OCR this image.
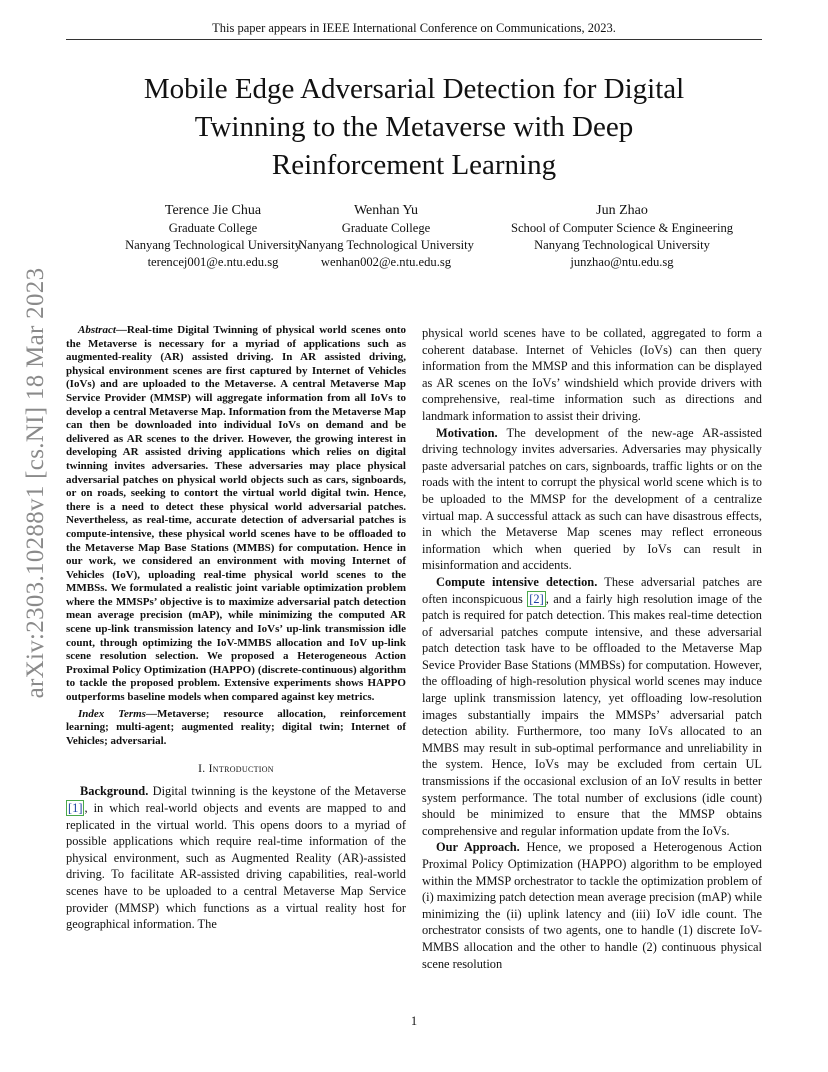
This paper appears in IEEE International Conference on Communications, 2023.
Mobile Edge Adversarial Detection for Digital
Twinning to the Metaverse with Deep
Reinforcement Learning
Terence Jie Chua
Graduate College
Nanyang Technological University
terencej001@e.ntu.edu.sg
Wenhan Yu
Graduate College
Nanyang Technological University
wenhan002@e.ntu.edu.sg
Jun Zhao
School of Computer Science & Engineering
Nanyang Technological University
junzhao@ntu.edu.sg
arXiv:2303.10288v1 [cs.NI] 18 Mar 2023	Abstract—Real-time Digital Twinning of physical world scenes onto the Metaverse is necessary for a myriad of applications such as augmented-reality (AR) assisted driving. In AR assisted driving, physical environment scenes are first captured by Internet of Vehicles (IoVs) and are uploaded to the Metaverse. A central Metaverse Map Service Provider (MMSP) will aggregate information from all IoVs to develop a central Metaverse Map. Information from the Metaverse Map can then be downloaded into individual IoVs on demand and be delivered as AR scenes to the driver. However, the growing interest in developing AR assisted driving applications which relies on digital twinning invites adversaries. These adversaries may place physical adversarial patches on physical world objects such as cars, signboards, or on roads, seeking to contort the virtual world digital twin. Hence, there is a need to detect these physical world adversarial patches. Nevertheless, as real-time, accurate detection of adversarial patches is compute-intensive, these physical world scenes have to be offloaded to the Metaverse Map Base Stations (MMBS) for computation. Hence in our work, we considered an environment with moving Internet of Vehicles (IoV), uploading real-time physical world scenes to the MMBSs. We formulated a realistic joint variable optimization problem where the MMSPs’ objective is to maximize adversarial patch detection mean average precision (mAP), while minimizing the computed AR scene up-link transmission latency and IoVs’ up-link transmission idle count, through optimizing the IoV-MMBS allocation and IoV up-link scene resolution selection. We proposed a Heterogeneous Action Proximal Policy Optimization (HAPPO) (discrete-continuous) algorithm to tackle the proposed problem. Extensive experiments shows HAPPO outperforms baseline models when compared against key metrics.

Index Terms—Metaverse; resource allocation, reinforcement learning; multi-agent; augmented reality; digital twin; Internet of Vehicles; adversarial.

I. Introduction

Background. Digital twinning is the keystone of the Metaverse [1] , in which real-world objects and events are mapped to and replicated in the virtual world. This opens doors to a myriad of possible applications which require real-time information of the physical environment, such as Augmented Reality (AR)-assisted driving. To facilitate AR-assisted driving capabilities, real-world scenes have to be uploaded to a central Metaverse Map Service provider (MMSP) which functions as a virtual reality host for geographical information. The

physical world scenes have to be collated, aggregated to form a coherent database. Internet of Vehicles (IoVs) can then query information from the MMSP and this information can be displayed as AR scenes on the IoVs’ windshield which provide drivers with comprehensive, real-time information such as directions and landmark information to assist their driving.

Motivation. The development of the new-age AR-assisted driving technology invites adversaries. Adversaries may physically paste adversarial patches on cars, signboards, traffic lights or on the roads with the intent to corrupt the physical world scene which is to be uploaded to the MMSP for the development of a centralize virtual map. A successful attack as such can have disastrous effects, in which the Metaverse Map scenes may reflect erroneous information which when queried by IoVs can result in misinformation and accidents.

Compute intensive detection. These adversarial patches are often inconspicuous [2] , and a fairly high resolution image of the patch is required for patch detection. This makes real-time detection of adversarial patches compute intensive, and these adversarial patch detection task have to be offloaded to the Metaverse Map Sevice Provider Base Stations (MMBSs) for computation. However, the offloading of high-resolution physical world scenes may induce large uplink transmission latency, yet offloading low-resolution images substantially impairs the MMSPs’ adversarial patch detection ability. Furthermore, too many IoVs allocated to an MMBS may result in sub-optimal performance and unreliability in the system. Hence, IoVs may be excluded from certain UL transmissions if the occasional exclusion of an IoV results in better system performance. The total number of exclusions (idle count) should be minimized to ensure that the MMSP obtains comprehensive and regular information update from the IoVs.

Our Approach. Hence, we proposed a Heterogenous Action Proximal Policy Optimization (HAPPO) algorithm to be employed within the MMSP orchestrator to tackle the optimization problem of (i) maximizing patch detection mean average precision (mAP) while minimizing the (ii) uplink latency and (iii) IoV idle count. The orchestrator consists of two agents, one to handle (1) discrete IoV-MMBS allocation and the other to handle (2) continuous physical scene resolution

1
